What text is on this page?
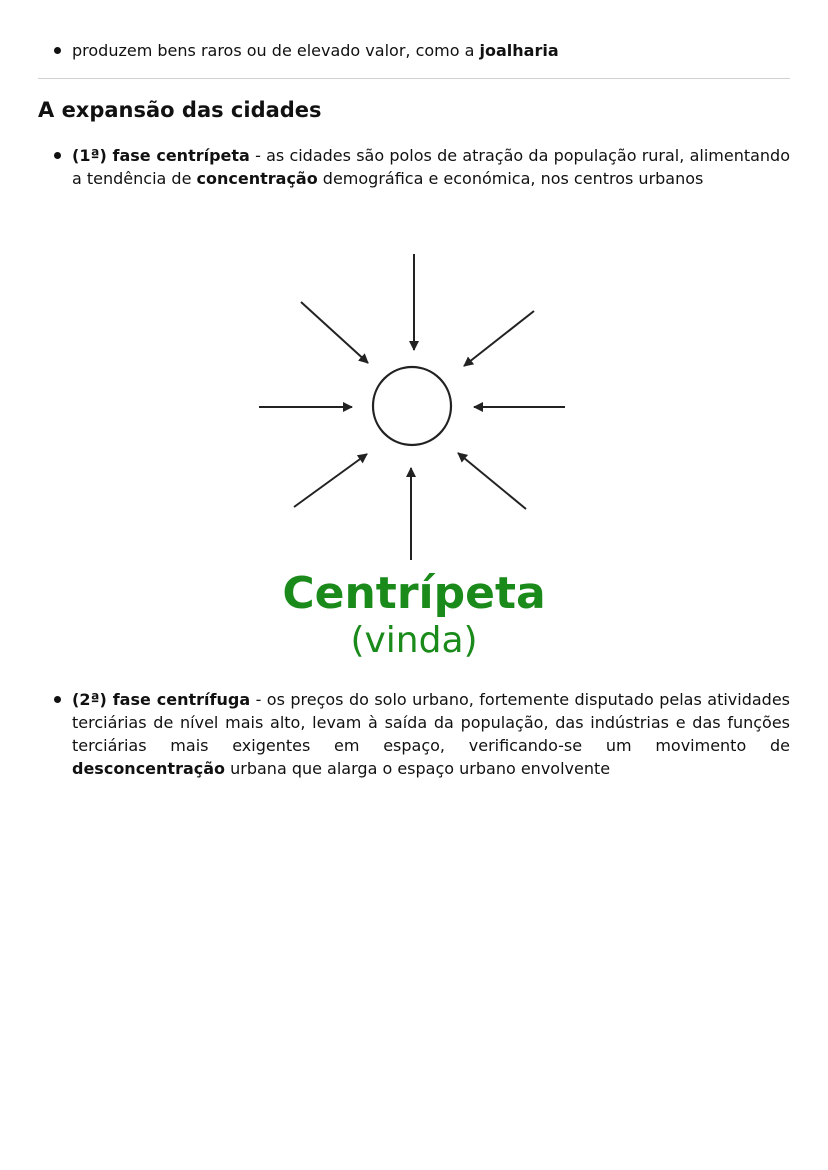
produzem bens raros ou de elevado valor, como a joalharia
A expansão das cidades
(1ª) fase centrípeta - as cidades são polos de atração da população rural, alimentando a tendência de concentração demográfica e económica, nos centros urbanos
Centrípeta
(vinda)
(2ª) fase centrífuga - os preços do solo urbano, fortemente disputado pelas atividades terciárias de nível mais alto, levam à saída da população, das indústrias e das funções terciárias mais exigentes em espaço, verificando-se um movimento de desconcentração urbana que alarga o espaço urbano envolvente
